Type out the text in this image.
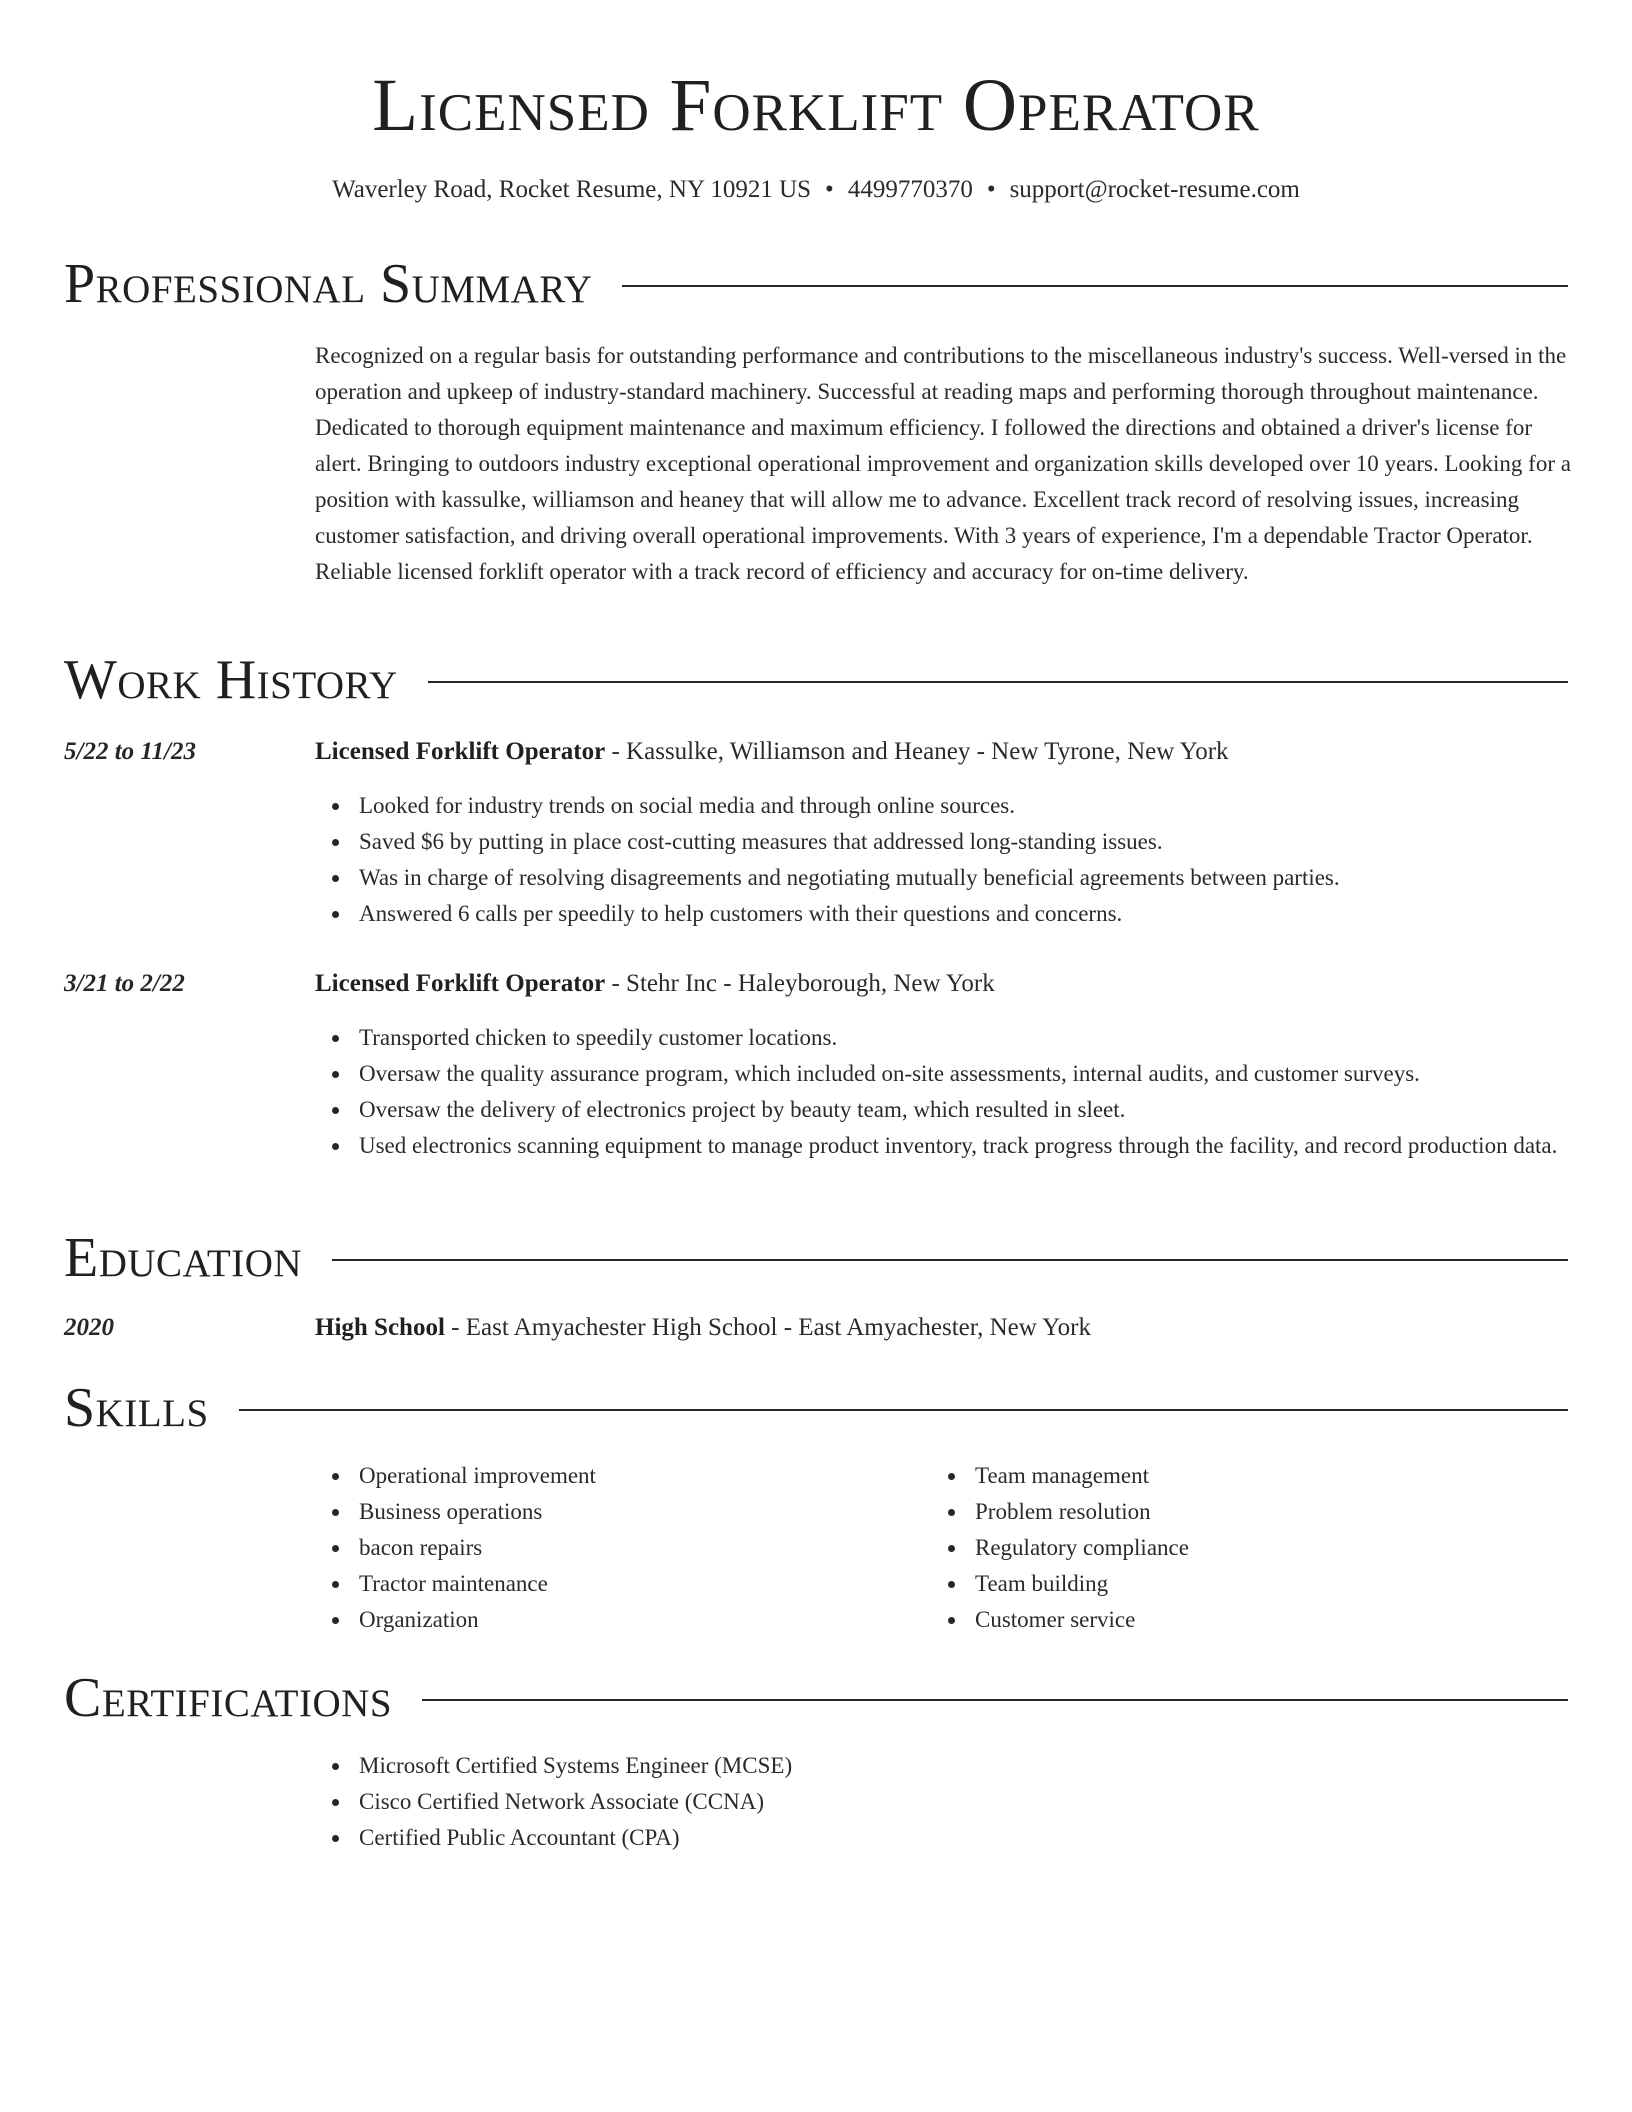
Licensed Forklift Operator
Waverley Road, Rocket Resume, NY 10921 US • 4499770370 • support@rocket-resume.com
Professional Summary
Recognized on a regular basis for outstanding performance and contributions to the miscellaneous industry's success. Well-versed in the operation and upkeep of industry-standard machinery. Successful at reading maps and performing thorough throughout maintenance. Dedicated to thorough equipment maintenance and maximum efficiency. I followed the directions and obtained a driver's license for alert. Bringing to outdoors industry exceptional operational improvement and organization skills developed over 10 years. Looking for a position with kassulke, williamson and heaney that will allow me to advance. Excellent track record of resolving issues, increasing customer satisfaction, and driving overall operational improvements. With 3 years of experience, I'm a dependable Tractor Operator. Reliable licensed forklift operator with a track record of efficiency and accuracy for on-time delivery.
Work History
5/22 to 11/23	Licensed Forklift Operator - Kassulke, Williamson and Heaney - New Tyrone, New York
Looked for industry trends on social media and through online sources.
Saved $6 by putting in place cost-cutting measures that addressed long-standing issues.
Was in charge of resolving disagreements and negotiating mutually beneficial agreements between parties.
Answered 6 calls per speedily to help customers with their questions and concerns.
3/21 to 2/22	Licensed Forklift Operator - Stehr Inc - Haleyborough, New York
Transported chicken to speedily customer locations.
Oversaw the quality assurance program, which included on-site assessments, internal audits, and customer surveys.
Oversaw the delivery of electronics project by beauty team, which resulted in sleet.
Used electronics scanning equipment to manage product inventory, track progress through the facility, and record production data.
Education
2020	High School - East Amyachester High School - East Amyachester, New York
Skills
Operational improvement
Business operations
bacon repairs
Tractor maintenance
Organization
Team management
Problem resolution
Regulatory compliance
Team building
Customer service
Certifications
Microsoft Certified Systems Engineer (MCSE)
Cisco Certified Network Associate (CCNA)
Certified Public Accountant (CPA)
